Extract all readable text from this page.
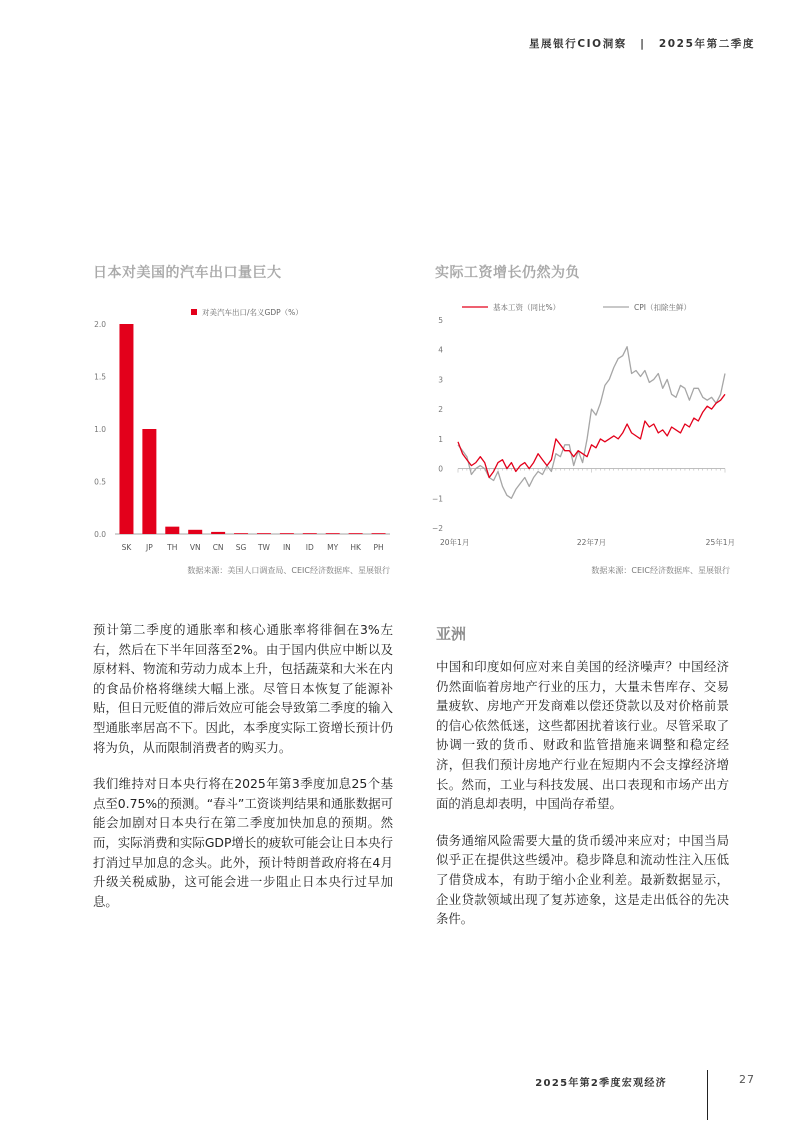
星展银行CIO洞察 | 2025年第二季度
日本对美国的汽车出口量巨大
对美汽车出口/名义GDP（%）
0.0
0.5
1.0
1.5
2.0
SK JP TH VN CN SG TW IN ID MY HK PH
数据来源：美国人口调查局、CEIC经济数据库、星展银行
实际工资增长仍然为负
基本工资（同比%）	CPI（扣除生鲜）
−2
−1
0
1
2
3
4
5
20年1月	22年7月	25年1月
数据来源：CEIC经济数据库、星展银行

预计第二季度的通胀率和核心通胀率将徘徊在3%左右，然后在下半年回落至2%。由于国内供应中断以及原材料、物流和劳动力成本上升，包括蔬菜和大米在内的食品价格将继续大幅上涨。尽管日本恢复了能源补贴，但日元贬值的滞后效应可能会导致第二季度的输入型通胀率居高不下。因此，本季度实际工资增长预计仍将为负，从而限制消费者的购买力。

我们维持对日本央行将在2025年第3季度加息25个基点至0.75%的预测。“春斗”工资谈判结果和通胀数据可能会加剧对日本央行在第二季度加快加息的预期。然而，实际消费和实际GDP增长的疲软可能会让日本央行打消过早加息的念头。此外，预计特朗普政府将在4月升级关税威胁，这可能会进一步阻止日本央行过早加息。

亚洲

中国和印度如何应对来自美国的经济噪声？中国经济仍然面临着房地产行业的压力，大量未售库存、交易量疲软、房地产开发商难以偿还贷款以及对价格前景的信心依然低迷，这些都困扰着该行业。尽管采取了协调一致的货币、财政和监管措施来调整和稳定经济，但我们预计房地产行业在短期内不会支撑经济增长。然而，工业与科技发展、出口表现和市场产出方面的消息却表明，中国尚存希望。

债务通缩风险需要大量的货币缓冲来应对；中国当局似乎正在提供这些缓冲。稳步降息和流动性注入压低了借贷成本，有助于缩小企业利差。最新数据显示，企业贷款领域出现了复苏迹象，这是走出低谷的先决条件。

2025年第2季度宏观经济	27
